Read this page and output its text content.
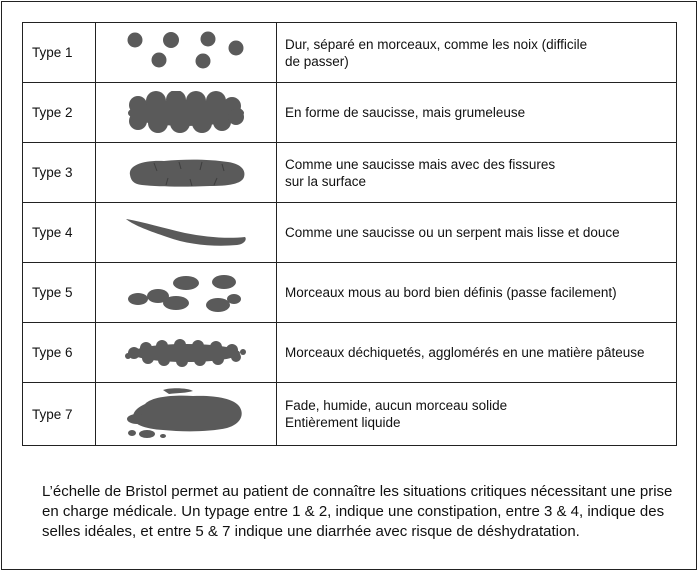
Type 1		Dur, séparé en morceaux, comme les noix (difficile
de passer)

Type 2		En forme de saucisse, mais grumeleuse

Type 3		Comme une saucisse mais avec des fissures
sur la surface

Type 4		Comme une saucisse ou un serpent mais lisse et douce

Type 5		Morceaux mous au bord bien définis (passe facilement)

Type 6		Morceaux déchiquetés, agglomérés en une matière pâteuse

Type 7		Fade, humide, aucun morceau solide
Entièrement liquide

L’échelle de Bristol permet au patient de connaître les situations critiques nécessitant une prise en charge médicale. Un typage entre 1 & 2, indique une constipation, entre 3 & 4, indique des selles idéales, et entre 5 & 7 indique une diarrhée avec risque de déshydratation.
